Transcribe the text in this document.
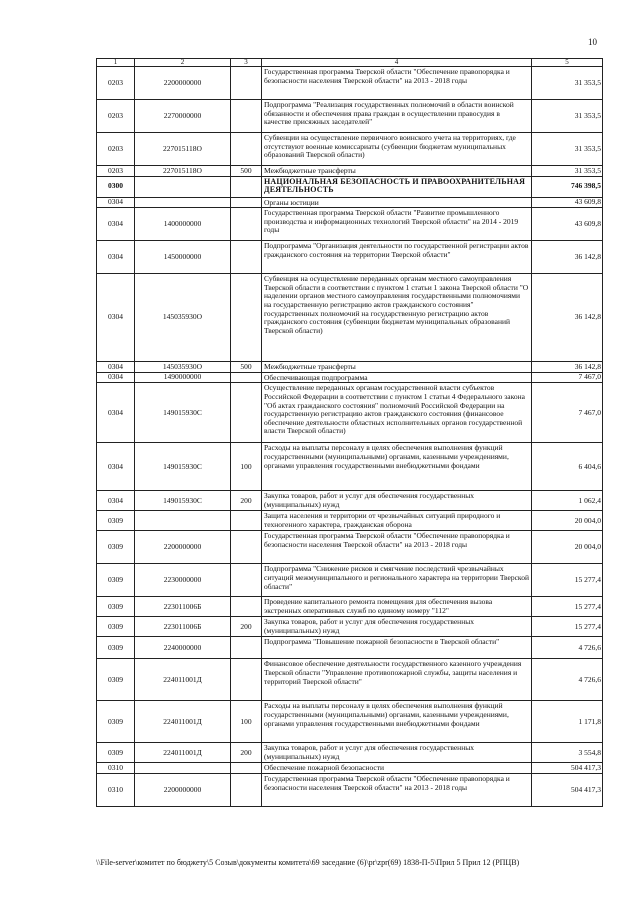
10
1	2	3	4	5
0203	2200000000		Государственная программа Тверской области "Обеспечение правопорядка и безопасности населения Тверской области" на 2013 - 2018 годы	31 353,5
0203	2270000000		Подпрограмма "Реализация государственных полномочий в области воинской обязанности и обеспечения права граждан в осуществлении правосудия в качестве присяжных заседателей"	31 353,5
0203	227015118О		Субвенции на осуществление первичного воинского учета на территориях, где отсутствуют военные комиссариаты (субвенции бюджетам муниципальных образований Тверской области)	31 353,5
0203	227015118О	500	Межбюджетные трансферты	31 353,5
0300			НАЦИОНАЛЬНАЯ БЕЗОПАСНОСТЬ И ПРАВООХРАНИТЕЛЬНАЯ ДЕЯТЕЛЬНОСТЬ	746 398,5
0304			Органы юстиции	43 609,8
0304	1400000000		Государственная программа Тверской области "Развитие промышленного производства и информационных технологий Тверской области" на 2014 - 2019 годы	43 609,8
0304	1450000000		Подпрограмма "Организация деятельности по государственной регистрации актов гражданского состояния на территории Тверской области"	36 142,8
0304	145035930О		Субвенция на осуществление переданных органам местного самоуправления Тверской области в соответствии с пунктом 1 статьи 1 закона Тверской области "О наделении органов местного самоуправления государственными полномочиями на государственную регистрацию актов гражданского состояния" государственных полномочий на государственную регистрацию актов гражданского состояния (субвенции бюджетам муниципальных образований Тверской области)	36 142,8
0304	145035930О	500	Межбюджетные трансферты	36 142,8
0304	1490000000		Обеспечивающая подпрограмма	7 467,0
0304	149015930С		Осуществление переданных органам государственной власти субъектов Российской Федерации в соответствии с пунктом 1 статьи 4 Федерального закона "Об актах гражданского состояния" полномочий Российской Федерации на государственную регистрацию актов гражданского состояния (финансовое обеспечение деятельности областных исполнительных органов государственной власти Тверской области)	7 467,0
0304	149015930С	100	Расходы на выплаты персоналу в целях обеспечения выполнения функций государственными (муниципальными) органами, казенными учреждениями, органами управления государственными внебюджетными фондами	6 404,6
0304	149015930С	200	Закупка товаров, работ и услуг для обеспечения государственных (муниципальных) нужд	1 062,4
0309			Защита населения и территории от чрезвычайных ситуаций природного и техногенного характера, гражданская оборона	20 004,0
0309	2200000000		Государственная программа Тверской области "Обеспечение правопорядка и безопасности населения Тверской области" на 2013 - 2018 годы	20 004,0
0309	2230000000		Подпрограмма "Снижение рисков и смягчение последствий чрезвычайных ситуаций межмуниципального и регионального характера на территории Тверской области"	15 277,4
0309	223011006Б		Проведение капитального ремонта помещения для обеспечения вызова экстренных оперативных служб по единому номеру "112"	15 277,4
0309	223011006Б	200	Закупка товаров, работ и услуг для обеспечения государственных (муниципальных) нужд	15 277,4
0309	2240000000		Подпрограмма "Повышение пожарной безопасности в Тверской области"	4 726,6
0309	224011001Д		Финансовое обеспечение деятельности государственного казенного учреждения Тверской области "Управление противопожарной службы, защиты населения и территорий Тверской области"	4 726,6
0309	224011001Д	100	Расходы на выплаты персоналу в целях обеспечения выполнения функций государственными (муниципальными) органами, казенными учреждениями, органами управления государственными внебюджетными фондами	1 171,8
0309	224011001Д	200	Закупка товаров, работ и услуг для обеспечения государственных (муниципальных) нужд	3 554,8
0310			Обеспечение пожарной безопасности	504 417,3
0310	2200000000		Государственная программа Тверской области "Обеспечение правопорядка и безопасности населения Тверской области" на 2013 - 2018 годы	504 417,3
\\File-server\комитет по бюджету\5 Созыв\документы комитета\69 заседание (6)\pr\zpr(69) 1838-П-5\Прил 5 Прил 12 (РПЦВ)
